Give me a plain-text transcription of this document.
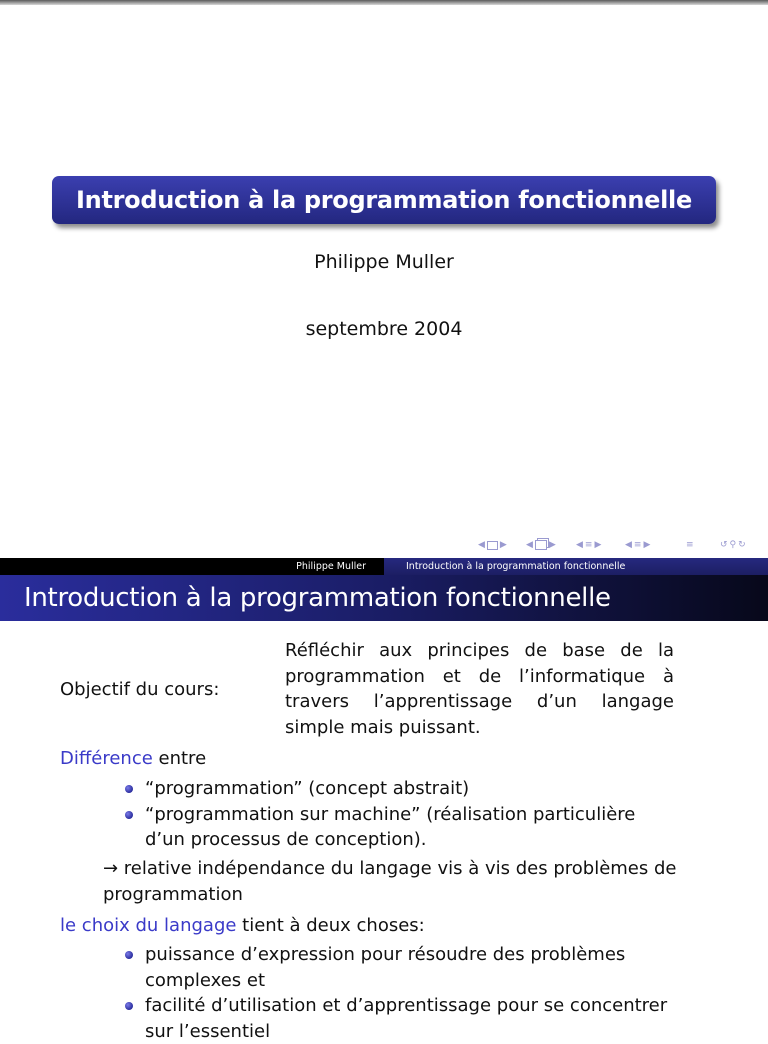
Introduction à la programmation fonctionnelle
Philippe Muller
septembre 2004
◀ ▶ ◀ ▶ ◀ ≡ ▶	◀ ≡ ▶	≡	↺ ⚲ ↻
Philippe Muller	Introduction à la programmation fonctionnelle
Introduction à la programmation fonctionnelle
Objectif du cours:
Réfléchir aux principes de base de la programmation et de l’informatique à travers l’apprentissage d’un langage simple mais puissant.
Différence entre
“programmation” (concept abstrait)
“programmation sur machine” (réalisation particulière d’un processus de conception).
→ relative indépendance du langage vis à vis des problèmes de programmation
le choix du langage tient à deux choses:
puissance d’expression pour résoudre des problèmes complexes et
facilité d’utilisation et d’apprentissage pour se concentrer sur l’essentiel
